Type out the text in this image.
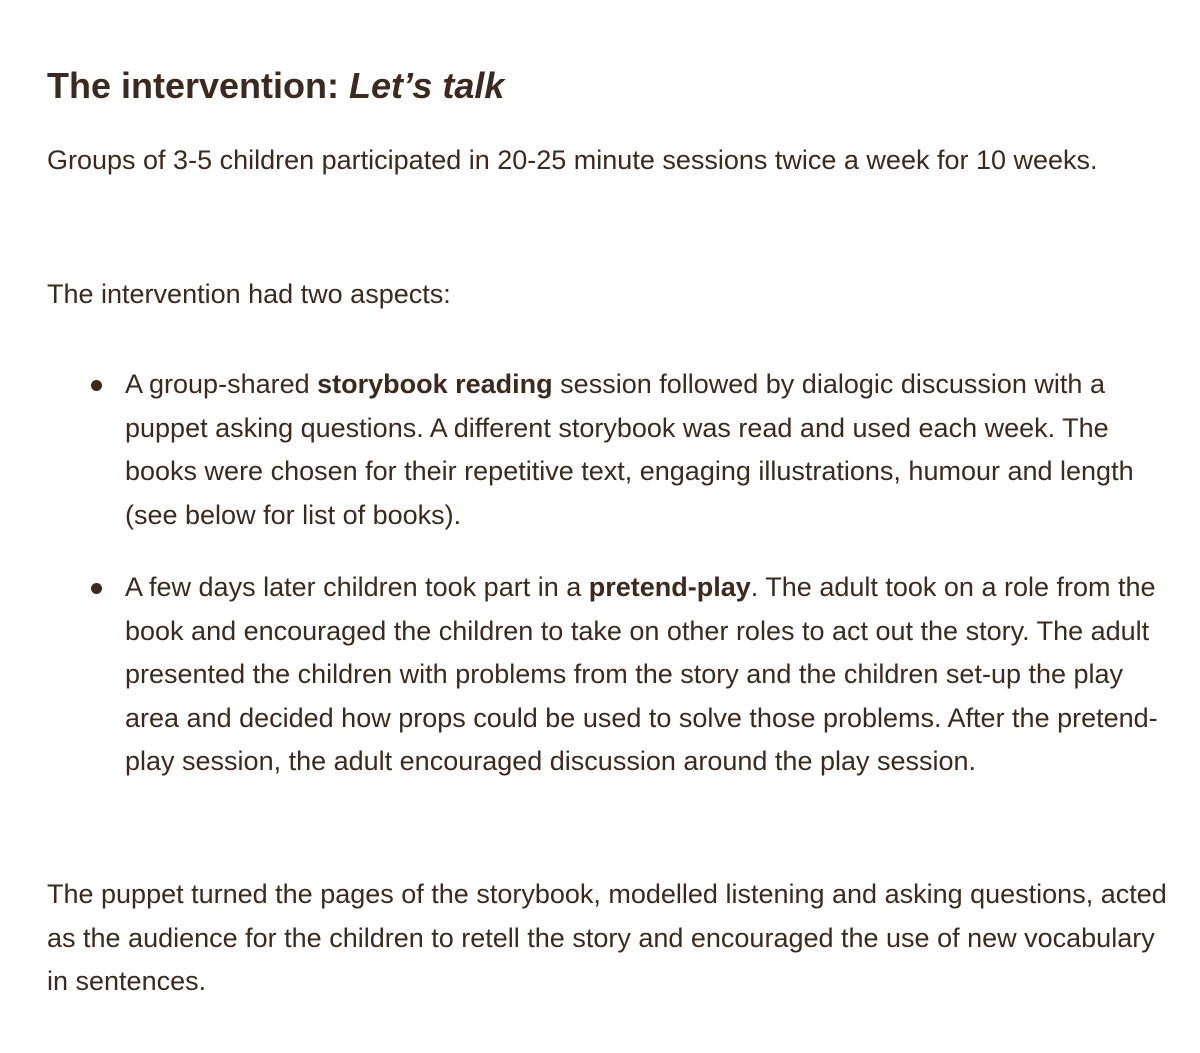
The intervention: Let’s talk

Groups of 3-5 children participated in 20-25 minute sessions twice a week for 10 weeks.

The intervention had two aspects:

A group-shared storybook reading session followed by dialogic discussion with a puppet asking questions. A different storybook was read and used each week. The books were chosen for their repetitive text, engaging illustrations, humour and length (see below for list of books).
A few days later children took part in a pretend-play. The adult took on a role from the book and encouraged the children to take on other roles to act out the story. The adult presented the children with problems from the story and the children set-up the play area and decided how props could be used to solve those problems. After the pretend-play session, the adult encouraged discussion around the play session.

The puppet turned the pages of the storybook, modelled listening and asking questions, acted as the audience for the children to retell the story and encouraged the use of new vocabulary in sentences.
